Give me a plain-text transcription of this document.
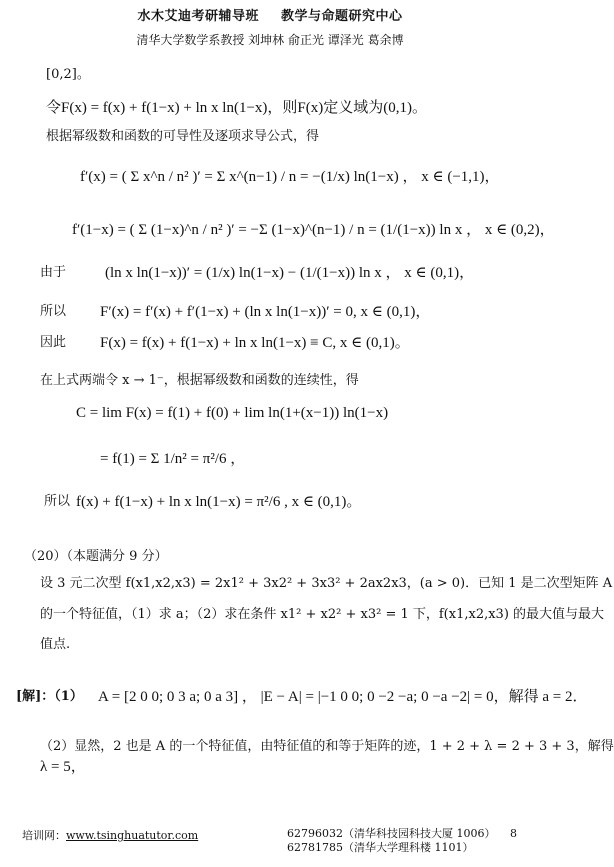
水木艾迪考研辅导班 教学与命题研究中心
清华大学数学系教授 刘坤林 俞正光 谭泽光 葛余博
[0,2]。
令F(x) = f(x) + f(1−x) + ln x ln(1−x)，则F(x)定义域为(0,1)。
根据幂级数和函数的可导性及逐项求导公式，得
f′(x) = ( Σ x^n / n² )′ = Σ x^(n−1) / n = −(1/x) ln(1−x) ， x ∈ (−1,1)，
f′(1−x) = ( Σ (1−x)^n / n² )′ = −Σ (1−x)^(n−1) / n = (1/(1−x)) ln x ， x ∈ (0,2)，
由于	(ln x ln(1−x))′ = (1/x) ln(1−x) − (1/(1−x)) ln x ， x ∈ (0,1)，
所以 F′(x) = f′(x) + f′(1−x) + (ln x ln(1−x))′ = 0, x ∈ (0,1)，
因此 F(x) = f(x) + f(1−x) + ln x ln(1−x) ≡ C, x ∈ (0,1)。
在上式两端令 x → 1⁻，根据幂级数和函数的连续性，得
C = lim F(x) = f(1) + f(0) + lim ln(1+(x−1)) ln(1−x)
= f(1) = Σ 1/n² = π²/6 ，
所以 f(x) + f(1−x) + ln x ln(1−x) = π²/6 , x ∈ (0,1)。
（20）（本题满分 9 分）
设 3 元二次型 f(x1,x2,x3) = 2x1² + 3x2² + 3x3² + 2ax2x3，(a > 0)．已知 1 是二次型矩阵 A
的一个特征值，（1）求 a；（2）求在条件 x1² + x2² + x3² = 1 下，f(x1,x2,x3) 的最大值与最大
值点.
[解]：（1） A = [2 0 0; 0 3 a; 0 a 3] ， |E − A| = |−1 0 0; 0 −2 −a; 0 −a −2| = 0，解得 a = 2．
（2）显然，2 也是 A 的一个特征值，由特征值的和等于矩阵的迹，1 + 2 + λ = 2 + 3 + 3，解得
λ = 5，
培训网：www.tsinghuatutor.com	62796032（清华科技园科技大厦 1006）
62781785（清华大学理科楼 1101）
8
